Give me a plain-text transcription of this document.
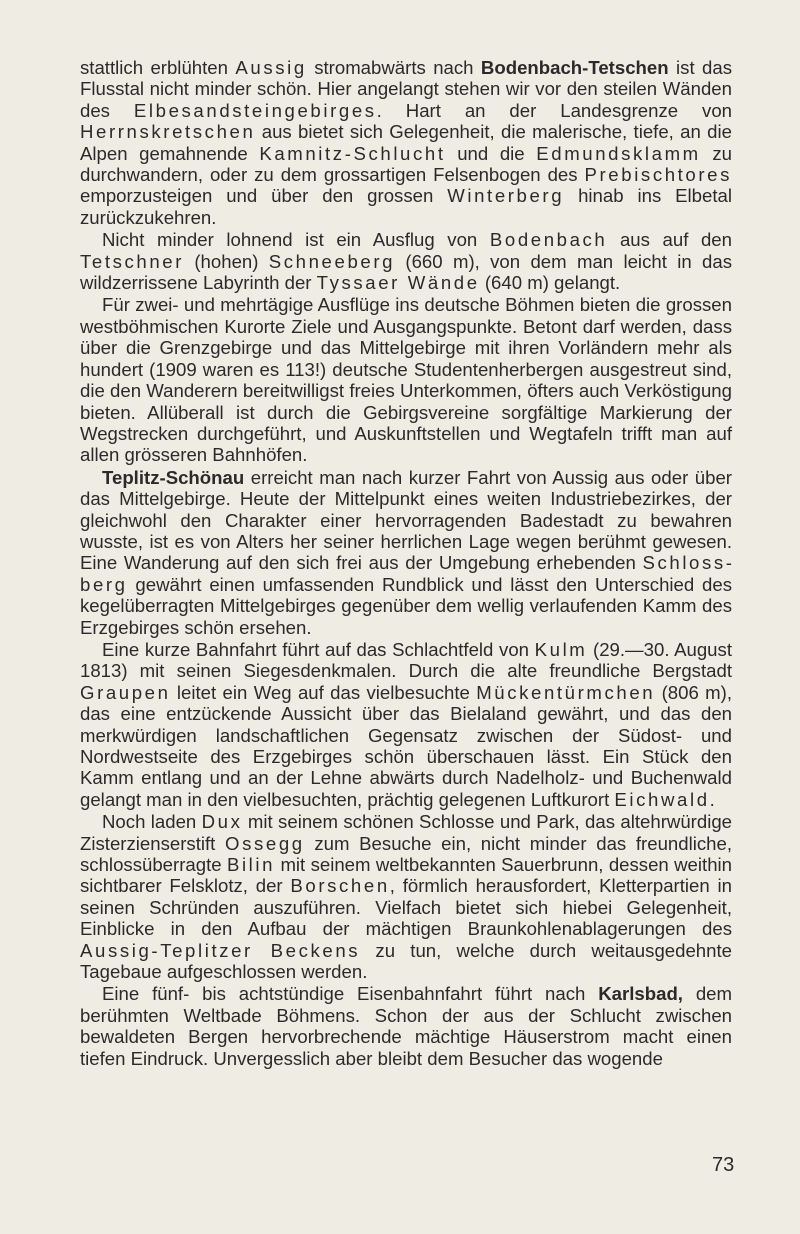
stattlich erblühten Aussig stromabwärts nach Bodenbach-Tetschen ist das Flusstal nicht minder schön. Hier angelangt stehen wir vor den steilen Wänden des Elbesandsteingebirges. Hart an der Landesgrenze von Herrnskretschen aus bietet sich Gelegenheit, die malerische, tiefe, an die Alpen gemahnende Kamnitz-Schlucht und die Edmundsklamm zu durchwandern, oder zu dem grossartigen Felsenbogen des Prebischtores emporzusteigen und über den grossen Winterberg hinab ins Elbetal zurückzukehren.

Nicht minder lohnend ist ein Ausflug von Bodenbach aus auf den Tetschner (hohen) Schneeberg (660 m), von dem man leicht in das wildzerrissene Labyrinth der Tyssaer Wände (640 m) gelangt.

Für zwei- und mehrtägige Ausflüge ins deutsche Böhmen bieten die grossen westböhmischen Kurorte Ziele und Ausgangspunkte. Betont darf werden, dass über die Grenzgebirge und das Mittelgebirge mit ihren Vorländern mehr als hundert (1909 waren es 113!) deutsche Studentenherbergen ausgestreut sind, die den Wanderern bereitwilligst freies Unterkommen, öfters auch Verköstigung bieten. Allüberall ist durch die Gebirgsvereine sorgfältige Markierung der Wegstrecken durchgeführt, und Auskunftstellen und Wegtafeln trifft man auf allen grösseren Bahnhöfen.

Teplitz-Schönau erreicht man nach kurzer Fahrt von Aussig aus oder über das Mittelgebirge. Heute der Mittelpunkt eines weiten Industriebezirkes, der gleichwohl den Charakter einer hervorragenden Badestadt zu bewahren wusste, ist es von Alters her seiner herrlichen Lage wegen berühmt gewesen. Eine Wanderung auf den sich frei aus der Umgebung erhebenden Schlossberg gewährt einen umfassenden Rundblick und lässt den Unterschied des kegelüberragten Mittelgebirges gegenüber dem wellig verlaufenden Kamm des Erzgebirges schön ersehen.

Eine kurze Bahnfahrt führt auf das Schlachtfeld von Kulm (29.—30. August 1813) mit seinen Siegesdenkmalen. Durch die alte freundliche Bergstadt Graupen leitet ein Weg auf das vielbesuchte Mückentürmchen (806 m), das eine entzückende Aussicht über das Bielaland gewährt, und das den merkwürdigen landschaftlichen Gegensatz zwischen der Südost- und Nordwestseite des Erzgebirges schön überschauen lässt. Ein Stück den Kamm entlang und an der Lehne abwärts durch Nadelholz- und Buchenwald gelangt man in den vielbesuchten, prächtig gelegenen Luftkurort Eichwald.

Noch laden Dux mit seinem schönen Schlosse und Park, das altehrwürdige Zisterzienserstift Ossegg zum Besuche ein, nicht minder das freundliche, schlossüberragte Bilin mit seinem weltbekannten Sauerbrunn, dessen weithin sichtbarer Felsklotz, der Borschen, förmlich herausfordert, Kletterpartien in seinen Schründen auszuführen. Vielfach bietet sich hiebei Gelegenheit, Einblicke in den Aufbau der mächtigen Braunkohlenablagerungen des Aussig-Teplitzer Beckens zu tun, welche durch weitausgedehnte Tagebaue aufgeschlossen werden.

Eine fünf- bis achtstündige Eisenbahnfahrt führt nach Karlsbad, dem berühmten Weltbade Böhmens. Schon der aus der Schlucht zwischen bewaldeten Bergen hervorbrechende mächtige Häuserstrom macht einen tiefen Eindruck. Unvergesslich aber bleibt dem Besucher das wogende

73
